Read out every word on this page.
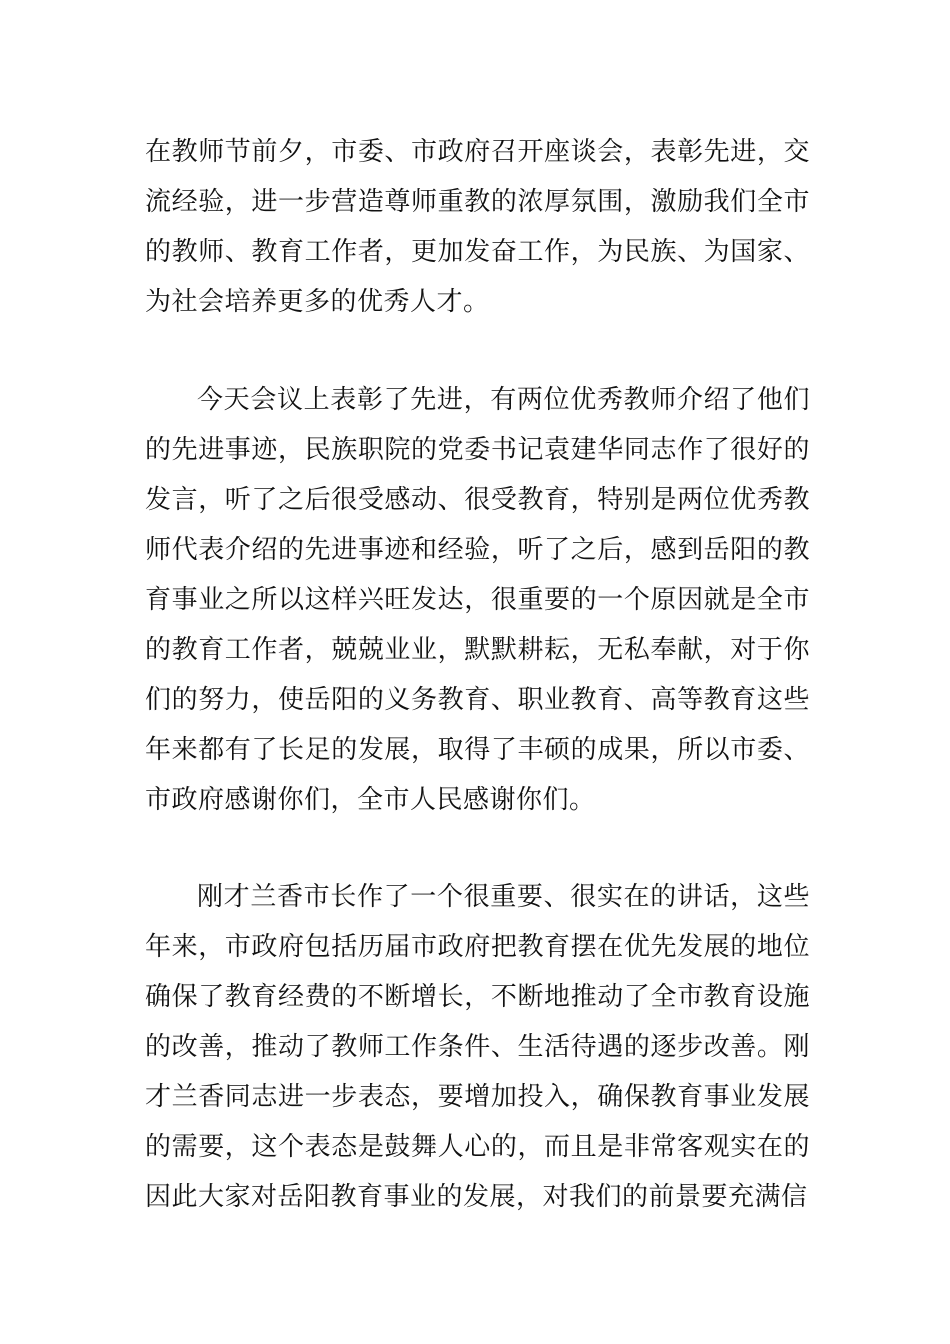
在教师节前夕，市委、市政府召开座谈会，表彰先进，交流经验，进一步营造尊师重教的浓厚氛围，激励我们全市的教师、教育工作者，更加发奋工作，为民族、为国家、为社会培养更多的优秀人才。

今天会议上表彰了先进，有两位优秀教师介绍了他们的先进事迹，民族职院的党委书记袁建华同志作了很好的发言，听了之后很受感动、很受教育，特别是两位优秀教师代表介绍的先进事迹和经验，听了之后，感到岳阳的教育事业之所以这样兴旺发达，很重要的一个原因就是全市的教育工作者，兢兢业业，默默耕耘，无私奉献，对于你们的努力，使岳阳的义务教育、职业教育、高等教育这些年来都有了长足的发展，取得了丰硕的成果，所以市委、市政府感谢你们，全市人民感谢你们。

刚才兰香市长作了一个很重要、很实在的讲话，这些年来，市政府包括历届市政府把教育摆在优先发展的地位确保了教育经费的不断增长，不断地推动了全市教育设施的改善，推动了教师工作条件、生活待遇的逐步改善。刚才兰香同志进一步表态，要增加投入，确保教育事业发展的需要，这个表态是鼓舞人心的，而且是非常客观实在的因此大家对岳阳教育事业的发展，对我们的前景要充满信
